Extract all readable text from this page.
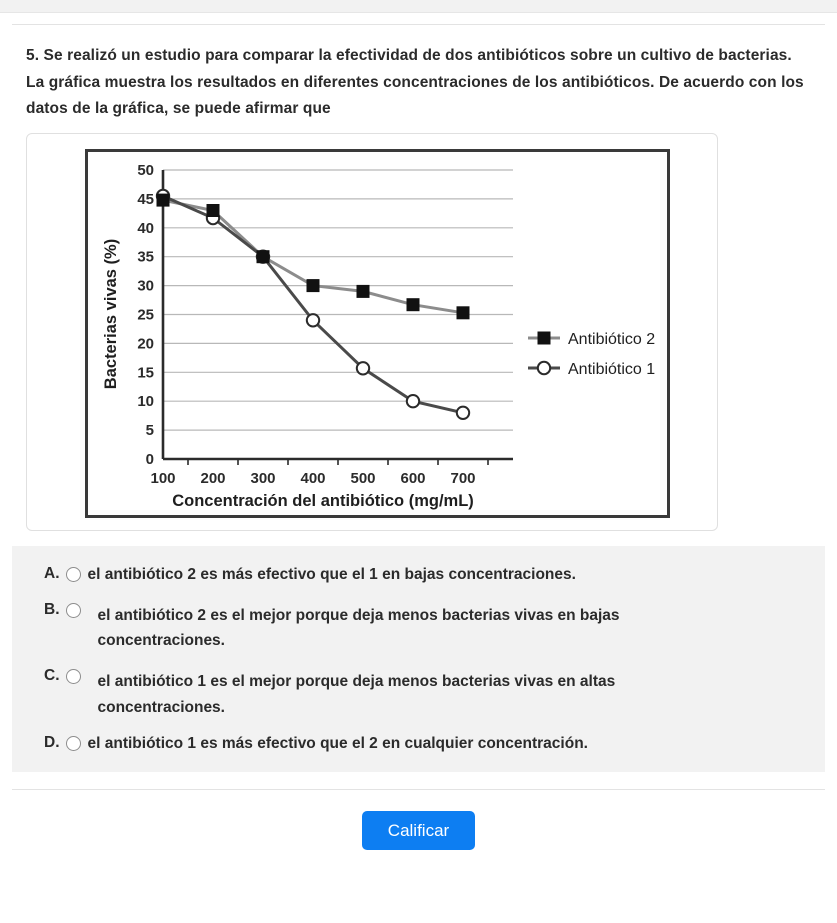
5. Se realizó un estudio para comparar la efectividad de dos antibióticos sobre un cultivo de bacterias. La gráfica muestra los resultados en diferentes concentraciones de los antibióticos. De acuerdo con los datos de la gráfica, se puede afirmar que
50
45
40
35
30
25
20
15
10
5
0
100 200 300 400 500 600 700
Concentración del antibiótico (mg/mL)
Bacterias vivas (%)	Antibiótico 2
Antibiótico 1
A. el antibiótico 2 es más efectivo que el 1 en bajas concentraciones.
B. el antibiótico 2 es el mejor porque deja menos bacterias vivas en bajas concentraciones.
C. el antibiótico 1 es el mejor porque deja menos bacterias vivas en altas concentraciones.
D. el antibiótico 1 es más efectivo que el 2 en cualquier concentración.
Calificar
